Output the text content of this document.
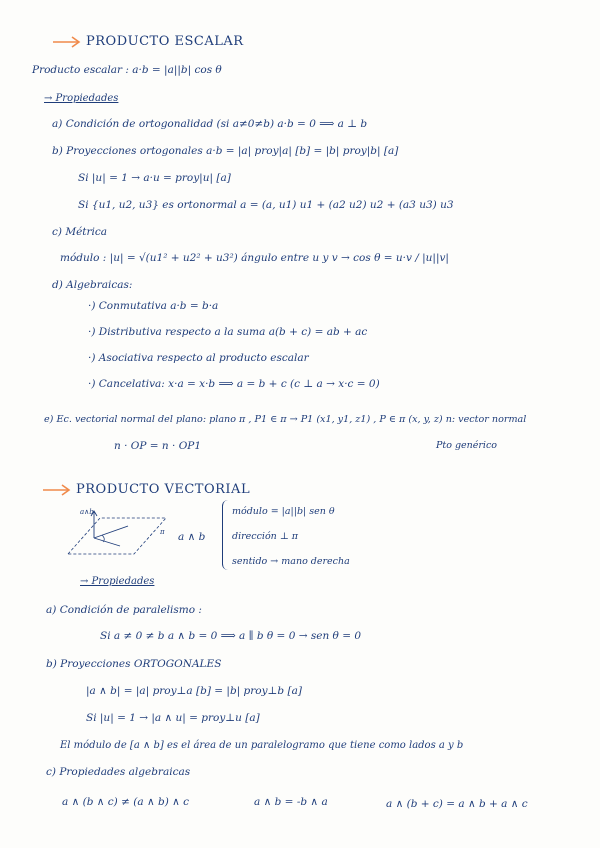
PRODUCTO ESCALAR
Producto escalar : a·b = |a||b| cos θ
→ Propiedades
a) Condición de ortogonalidad (si a≠0≠b) a·b = 0 ⟹ a ⊥ b
b) Proyecciones ortogonales a·b = |a| proy|a| [b] = |b| proy|b| [a]
Si |u| = 1 → a·u = proy|u| [a]
Si {u1, u2, u3} es ortonormal a = (a, u1) u1 + (a2 u2) u2 + (a3 u3) u3
c) Métrica
módulo : |u| = √(u1² + u2² + u3²) ángulo entre u y v → cos θ = u·v / |u||v|
d) Algebraicas:
·) Conmutativa a·b = b·a
·) Distributiva respecto a la suma a(b + c) = ab + ac
·) Asociativa respecto al producto escalar
·) Cancelativa: x·a = x·b ⟹ a = b + c (c ⊥ a → x·c = 0)
e) Ec. vectorial normal del plano: plano π , P1 ∈ π → P1 (x1, y1, z1) , P ∈ π (x, y, z) n: vector normal
n · OP = n · OP1	Pto genérico
PRODUCTO VECTORIAL
a∧b
π a ∧ b
módulo = |a||b| sen θ
dirección ⊥ π
sentido → mano derecha
→ Propiedades
a) Condición de paralelismo :
Si a ≠ 0 ≠ b a ∧ b = 0 ⟹ a ∥ b θ = 0 → sen θ = 0
b) Proyecciones ORTOGONALES
|a ∧ b| = |a| proy⊥a [b] = |b| proy⊥b [a]
Si |u| = 1 → |a ∧ u| = proy⊥u [a]
El módulo de [a ∧ b] es el área de un paralelogramo que tiene como lados a y b
c) Propiedades algebraicas
a ∧ (b ∧ c) ≠ (a ∧ b) ∧ c	a ∧ b = -b ∧ a	a ∧ (b + c) = a ∧ b + a ∧ c
